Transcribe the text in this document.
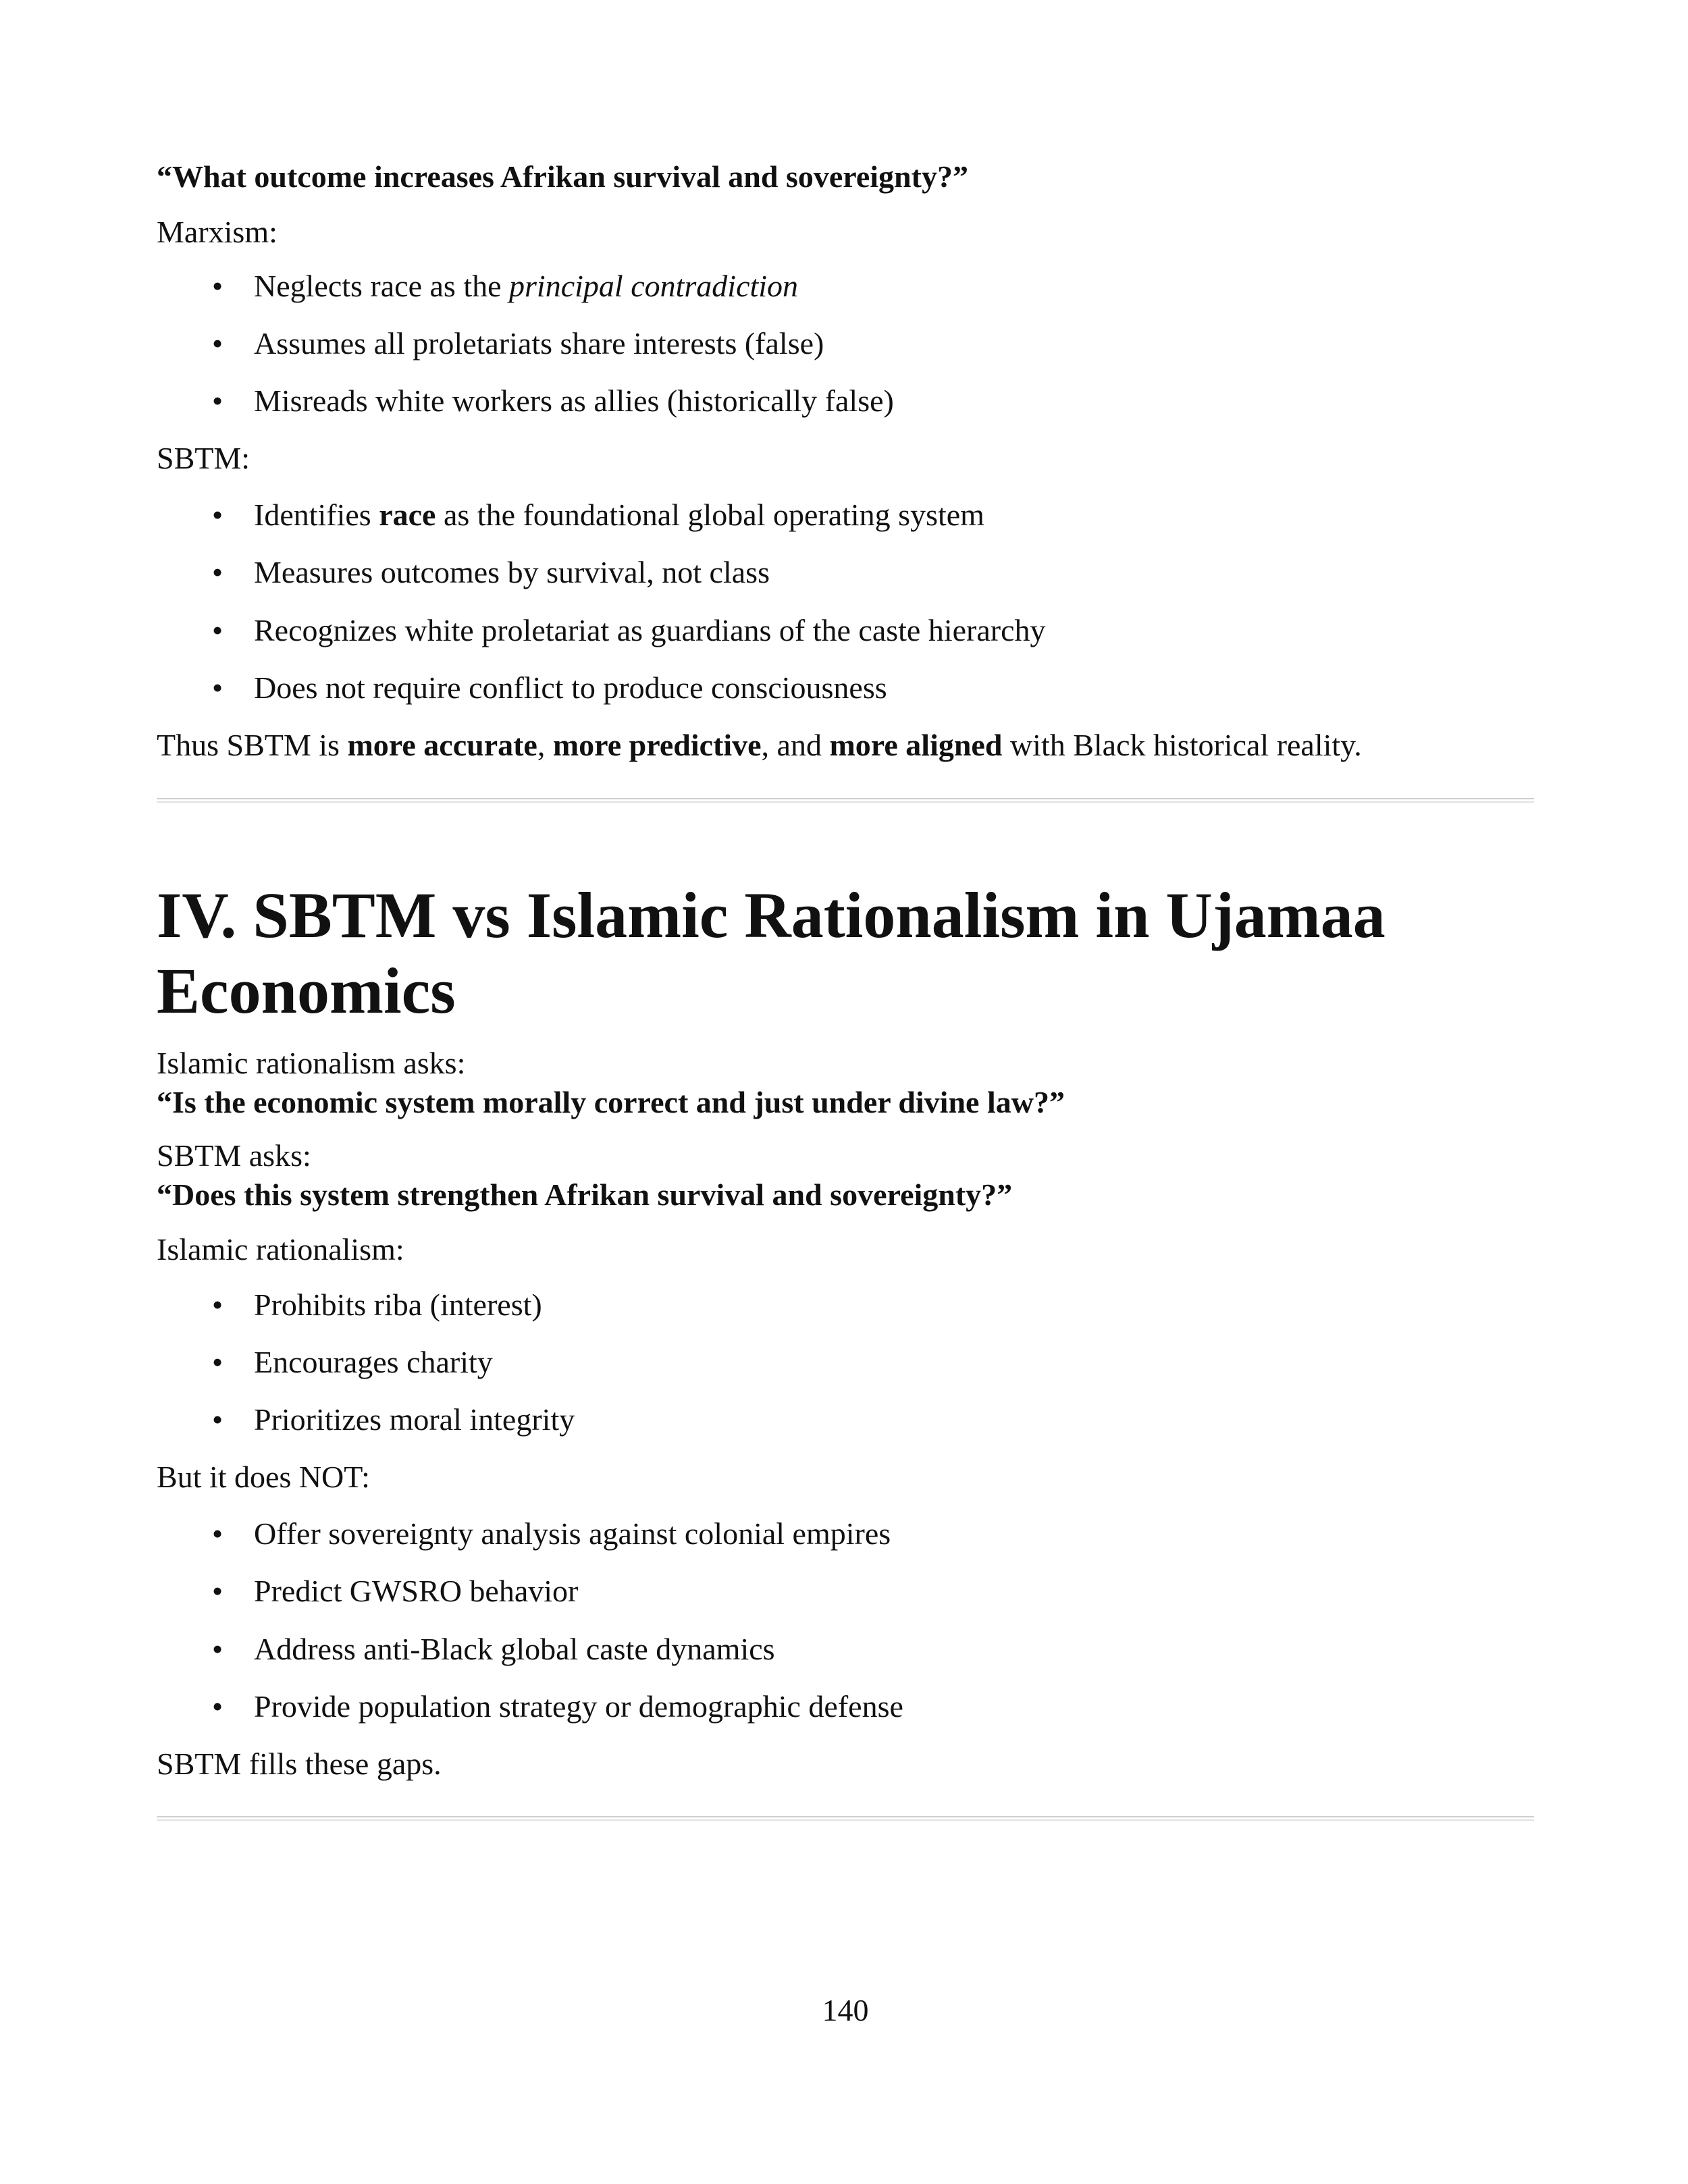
“What outcome increases Afrikan survival and sovereignty?”

Marxism:

• Neglects race as the principal contradiction
• Assumes all proletariats share interests (false)
• Misreads white workers as allies (historically false)

SBTM:

• Identifies race as the foundational global operating system
• Measures outcomes by survival, not class
• Recognizes white proletariat as guardians of the caste hierarchy
• Does not require conflict to produce consciousness

Thus SBTM is more accurate, more predictive, and more aligned with Black historical reality.

IV. SBTM vs Islamic Rationalism in Ujamaa Economics

Islamic rationalism asks:

“Is the economic system morally correct and just under divine law?”

SBTM asks:

“Does this system strengthen Afrikan survival and sovereignty?”

Islamic rationalism:

• Prohibits riba (interest)
• Encourages charity
• Prioritizes moral integrity

But it does NOT:

• Offer sovereignty analysis against colonial empires
• Predict GWSRO behavior
• Address anti-Black global caste dynamics
• Provide population strategy or demographic defense

SBTM fills these gaps.

140
